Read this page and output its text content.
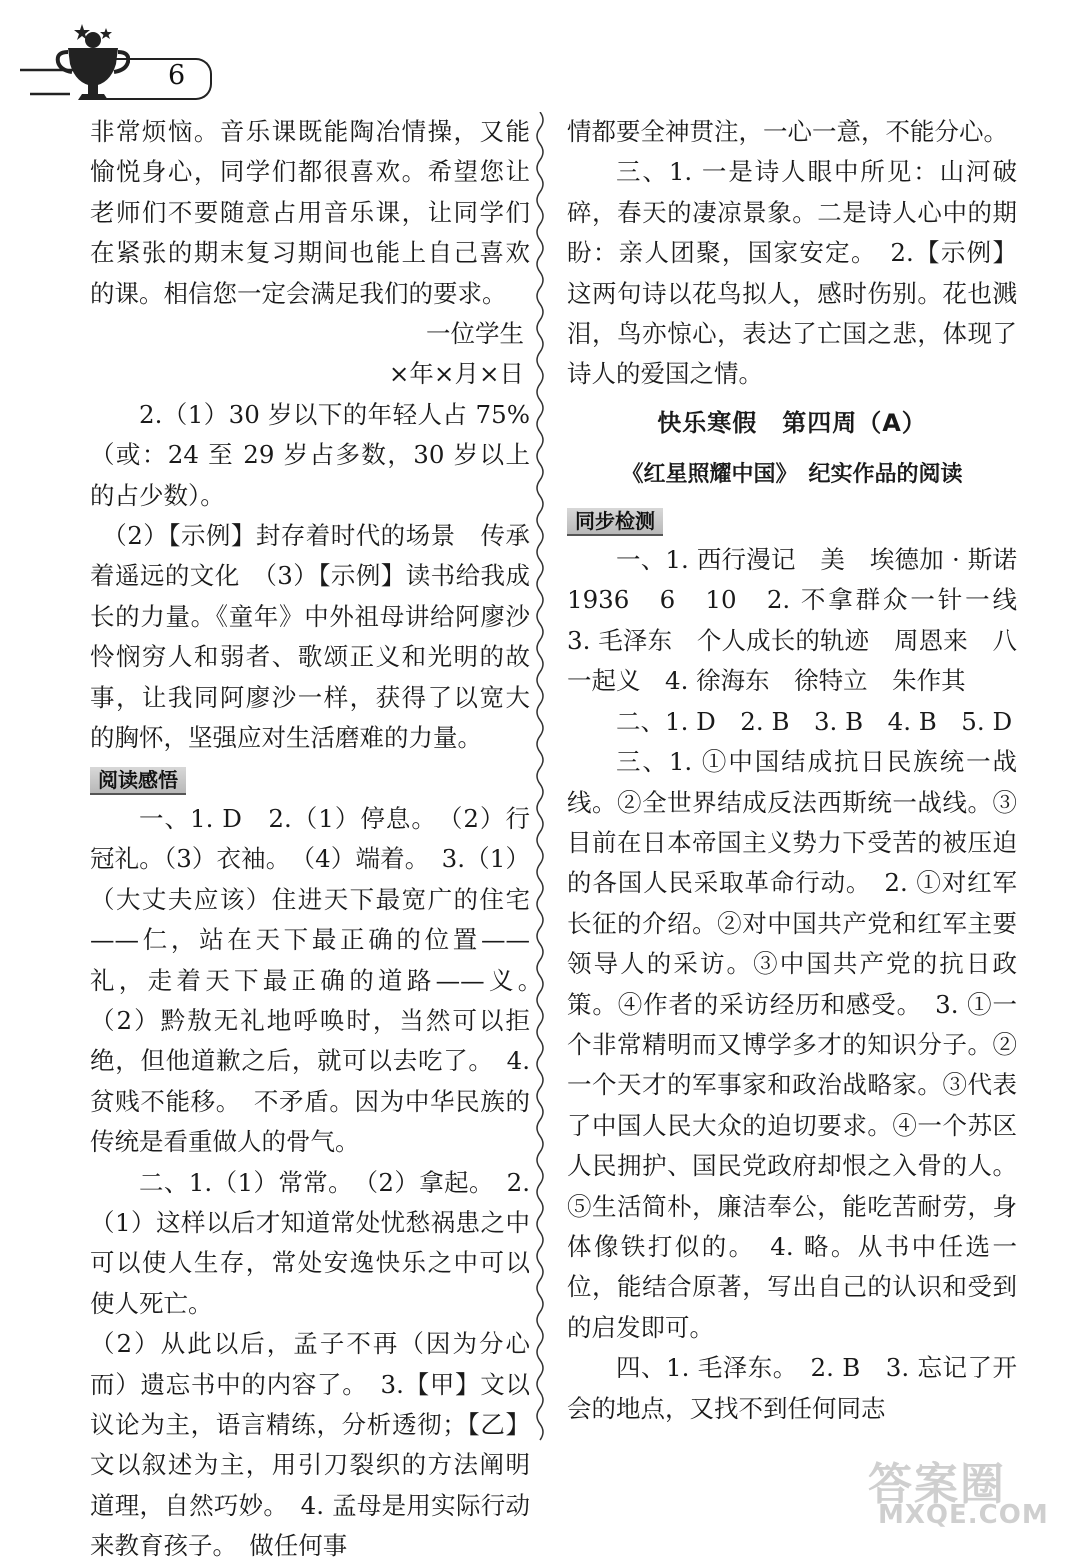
6

非常烦恼。音乐课既能陶冶情操，又能愉悦身心，同学们都很喜欢。希望您让老师们不要随意占用音乐课，让同学们在紧张的期末复习期间也能上自己喜欢的课。相信您一定会满足我们的要求。

一位学生

×年×月×日

2.（1）30 岁以下的年轻人占 75%（或：24 至 29 岁占多数，30 岁以上的占少数）。

（2）【示例】封存着时代的场景　传承着遥远的文化　（3）【示例】读书给我成长的力量。《童年》中外祖母讲给阿廖沙怜悯穷人和弱者、歌颂正义和光明的故事，让我同阿廖沙一样，获得了以宽大的胸怀，坚强应对生活磨难的力量。

阅读感悟

一、1. D　2.（1）停息。　（2）行冠礼。（3）衣袖。　（4）端着。　3.（1）（大丈夫应该）住进天下最宽广的住宅——仁，站在天下最正确的位置——礼，走着天下最正确的道路——义。　（2）黔敖无礼地呼唤时，当然可以拒绝，但他道歉之后，就可以去吃了。　4. 贫贱不能移。　不矛盾。因为中华民族的传统是看重做人的骨气。

二、1.（1）常常。　（2）拿起。　2.（1）这样以后才知道常处忧愁祸患之中可以使人生存，常处安逸快乐之中可以使人死亡。

（2）从此以后，孟子不再（因为分心而）遗忘书中的内容了。　3.【甲】文以议论为主，语言精练，分析透彻；【乙】文以叙述为主，用引刀裂织的方法阐明道理，自然巧妙。　4. 孟母是用实际行动来教育孩子。　做任何事

情都要全神贯注，一心一意，不能分心。

三、1. 一是诗人眼中所见：山河破碎，春天的凄凉景象。二是诗人心中的期盼：亲人团聚，国家安定。　2.【示例】这两句诗以花鸟拟人，感时伤别。花也溅泪，鸟亦惊心，表达了亡国之悲，体现了诗人的爱国之情。

快乐寒假　第四周（A）
《红星照耀中国》　纪实作品的阅读
同步检测

一、1. 西行漫记　美　埃德加 · 斯诺　1936　6　10　2. 不拿群众一针一线　3. 毛泽东　个人成长的轨迹　周恩来　八一起义　4. 徐海东　徐特立　朱作其

二、1. D　2. B　3. B　4. B　5. D

三、1. ①中国结成抗日民族统一战线。②全世界结成反法西斯统一战线。③目前在日本帝国主义势力下受苦的被压迫的各国人民采取革命行动。　2. ①对红军长征的介绍。②对中国共产党和红军主要领导人的采访。③中国共产党的抗日政策。④作者的采访经历和感受。　3. ①一个非常精明而又博学多才的知识分子。②一个天才的军事家和政治战略家。③代表了中国人民大众的迫切要求。④一个苏区人民拥护、国民党政府却恨之入骨的人。⑤生活简朴，廉洁奉公，能吃苦耐劳，身体像铁打似的。　4. 略。从书中任选一位，能结合原著，写出自己的认识和受到的启发即可。

四、1. 毛泽东。　2. B　3. 忘记了开会的地点，又找不到任何同志

答案圈
MXQE.COM
